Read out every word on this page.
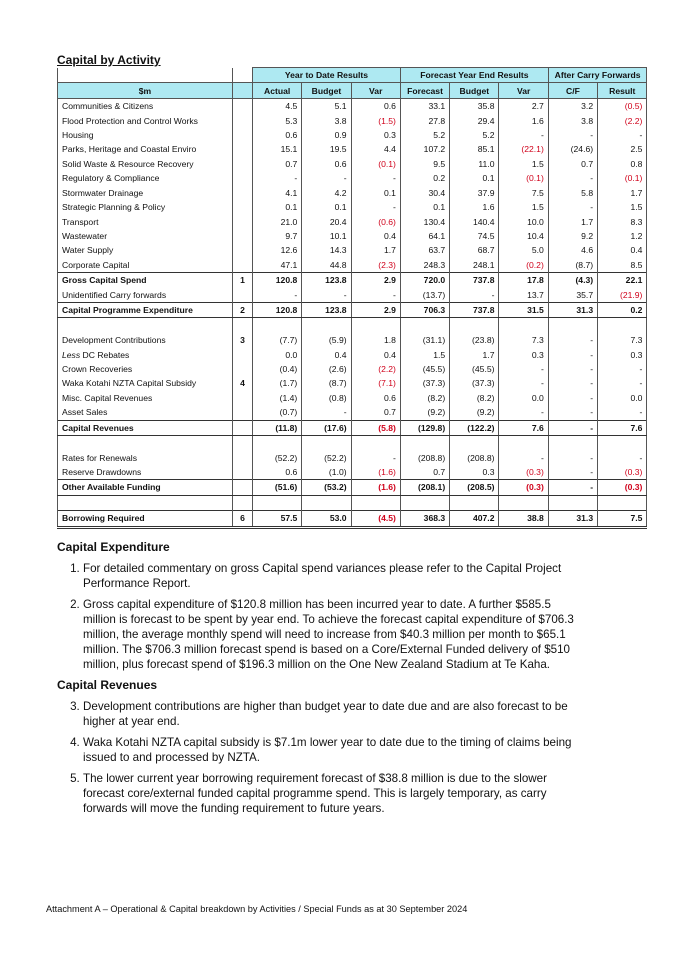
Capital by Activity
		Year to Date Results			Forecast Year End Results			After Carry Forwards	
$m		Actual	Budget	Var	Forecast	Budget	Var	C/F	Result
Communities & Citizens		4.5	5.1	0.6	33.1	35.8	2.7	3.2	(0.5)
Flood Protection and Control Works		5.3	3.8	(1.5)	27.8	29.4	1.6	3.8	(2.2)
Housing		0.6	0.9	0.3	5.2	5.2	-	-	-
Parks, Heritage and Coastal Enviro		15.1	19.5	4.4	107.2	85.1	(22.1)	(24.6)	2.5
Solid Waste & Resource Recovery		0.7	0.6	(0.1)	9.5	11.0	1.5	0.7	0.8
Regulatory & Compliance		-	-	-	0.2	0.1	(0.1)	-	(0.1)
Stormwater Drainage		4.1	4.2	0.1	30.4	37.9	7.5	5.8	1.7
Strategic Planning & Policy		0.1	0.1	-	0.1	1.6	1.5	-	1.5
Transport		21.0	20.4	(0.6)	130.4	140.4	10.0	1.7	8.3
Wastewater		9.7	10.1	0.4	64.1	74.5	10.4	9.2	1.2
Water Supply		12.6	14.3	1.7	63.7	68.7	5.0	4.6	0.4
Corporate Capital		47.1	44.8	(2.3)	248.3	248.1	(0.2)	(8.7)	8.5
Gross Capital Spend	1	120.8	123.8	2.9	720.0	737.8	17.8	(4.3)	22.1
Unidentified Carry forwards		-	-	-	(13.7)	-	13.7	35.7	(21.9)
Capital Programme Expenditure	2	120.8	123.8	2.9	706.3	737.8	31.5	31.3	0.2

Development Contributions	3	(7.7)	(5.9)	1.8	(31.1)	(23.8)	7.3	-	7.3
Less DC Rebates		0.0	0.4	0.4	1.5	1.7	0.3	-	0.3
Crown Recoveries		(0.4)	(2.6)	(2.2)	(45.5)	(45.5)	-	-	-
Waka Kotahi NZTA Capital Subsidy	4	(1.7)	(8.7)	(7.1)	(37.3)	(37.3)	-	-	-
Misc. Capital Revenues		(1.4)	(0.8)	0.6	(8.2)	(8.2)	0.0	-	0.0
Asset Sales		(0.7)	-	0.7	(9.2)	(9.2)	-	-	-
Capital Revenues		(11.8)	(17.6)	(5.8)	(129.8)	(122.2)	7.6	-	7.6

Rates for Renewals		(52.2)	(52.2)	-	(208.8)	(208.8)	-	-	-
Reserve Drawdowns		0.6	(1.0)	(1.6)	0.7	0.3	(0.3)	-	(0.3)
Other Available Funding		(51.6)	(53.2)	(1.6)	(208.1)	(208.5)	(0.3)	-	(0.3)

Borrowing Required	6	57.5	53.0	(4.5)	368.3	407.2	38.8	31.3	7.5
Capital Expenditure
1. For detailed commentary on gross Capital spend variances please refer to the Capital Project Performance Report.
2. Gross capital expenditure of $120.8 million has been incurred year to date. A further $585.5 million is forecast to be spent by year end. To achieve the forecast capital expenditure of $706.3 million, the average monthly spend will need to increase from $40.3 million per month to $65.1 million. The $706.3 million forecast spend is based on a Core/External Funded delivery of $510 million, plus forecast spend of $196.3 million on the One New Zealand Stadium at Te Kaha.
Capital Revenues
3. Development contributions are higher than budget year to date due and are also forecast to be higher at year end.
4. Waka Kotahi NZTA capital subsidy is $7.1m lower year to date due to the timing of claims being issued to and processed by NZTA.
5. The lower current year borrowing requirement forecast of $38.8 million is due to the slower forecast core/external funded capital programme spend. This is largely temporary, as carry forwards will move the funding requirement to future years.
Attachment A – Operational & Capital breakdown by Activities / Special Funds as at 30 September 2024
